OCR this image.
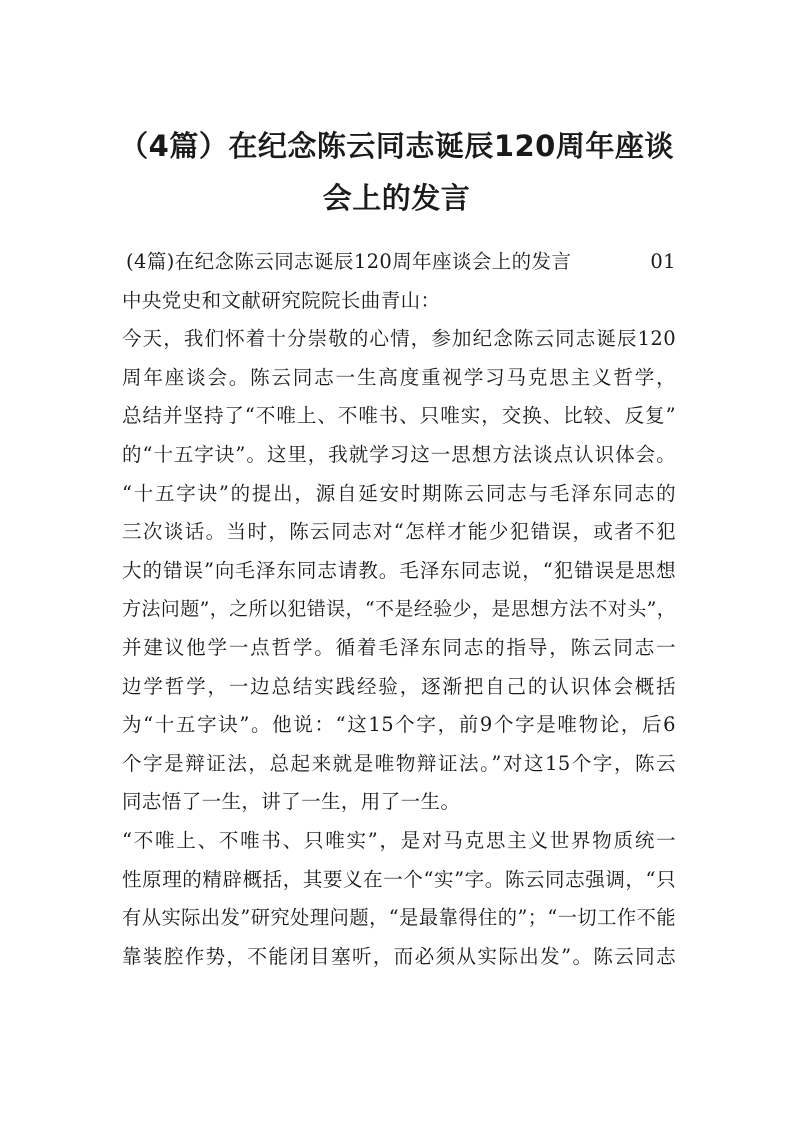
（4篇）在纪念陈云同志诞辰120周年座谈
会上的发言
(4篇)在纪念陈云同志诞辰120周年座谈会上的发言	01
中央党史和文献研究院院长曲青山：
今天，我们怀着十分崇敬的心情，参加纪念陈云同志诞辰120
周年座谈会。陈云同志一生高度重视学习马克思主义哲学，
总结并坚持了“不唯上、不唯书、只唯实，交换、比较、反复”
的“十五字诀”。这里，我就学习这一思想方法谈点认识体会。
“十五字诀”的提出，源自延安时期陈云同志与毛泽东同志的
三次谈话。当时，陈云同志对“怎样才能少犯错误，或者不犯
大的错误”向毛泽东同志请教。毛泽东同志说，“犯错误是思想
方法问题”，之所以犯错误，“不是经验少，是思想方法不对头”，
并建议他学一点哲学。循着毛泽东同志的指导，陈云同志一
边学哲学，一边总结实践经验，逐渐把自己的认识体会概括
为“十五字诀”。他说：“这15个字，前9个字是唯物论，后6
个字是辩证法，总起来就是唯物辩证法。”对这15个字，陈云
同志悟了一生，讲了一生，用了一生。
“不唯上、不唯书、只唯实”，是对马克思主义世界物质统一
性原理的精辟概括，其要义在一个“实”字。陈云同志强调，“只
有从实际出发”研究处理问题，“是最靠得住的”；“一切工作不能
靠装腔作势，不能闭目塞听，而必须从实际出发”。陈云同志
